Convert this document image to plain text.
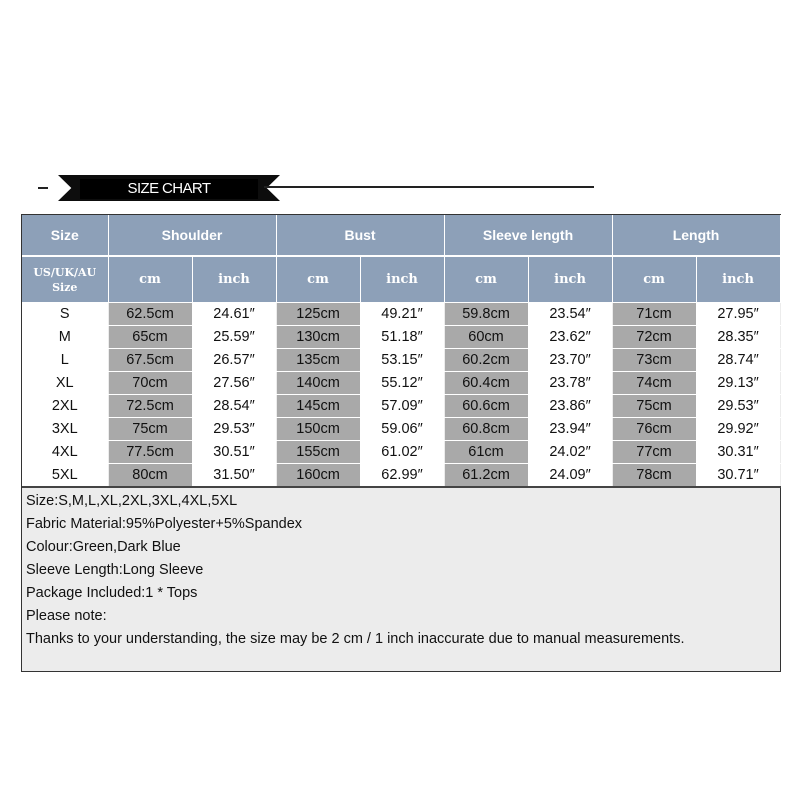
SIZE CHART
Size	Shoulder		Bust		Sleeve length		Length	
US/UK/AU Size	cm	inch	cm	inch	cm	inch	cm	inch
S	62.5cm	24.61″	125cm	49.21″	59.8cm	23.54″	71cm	27.95″
M	65cm	25.59″	130cm	51.18″	60cm	23.62″	72cm	28.35″
L	67.5cm	26.57″	135cm	53.15″	60.2cm	23.70″	73cm	28.74″
XL	70cm	27.56″	140cm	55.12″	60.4cm	23.78″	74cm	29.13″
2XL	72.5cm	28.54″	145cm	57.09″	60.6cm	23.86″	75cm	29.53″
3XL	75cm	29.53″	150cm	59.06″	60.8cm	23.94″	76cm	29.92″
4XL	77.5cm	30.51″	155cm	61.02″	61cm	24.02″	77cm	30.31″
5XL	80cm	31.50″	160cm	62.99″	61.2cm	24.09″	78cm	30.71″
Size:S,M,L,XL,2XL,3XL,4XL,5XL
Fabric Material:95%Polyester+5%Spandex
Colour:Green,Dark Blue
Sleeve Length:Long Sleeve
Package Included:1 * Tops
Please note:
Thanks to your understanding, the size may be 2 cm / 1 inch inaccurate due to manual measurements.
